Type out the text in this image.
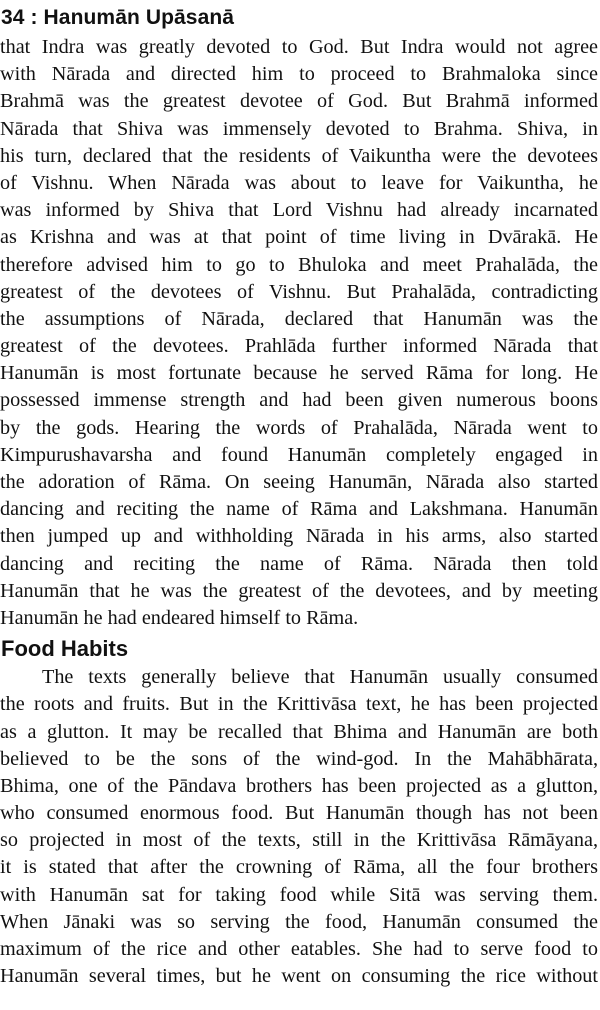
34 : Hanumān Upāsanā
that Indra was greatly devoted to God. But Indra would not agree
with Nārada and directed him to proceed to Brahmaloka since
Brahmā was the greatest devotee of God. But Brahmā informed
Nārada that Shiva was immensely devoted to Brahma. Shiva, in
his turn, declared that the residents of Vaikuntha were the devotees
of Vishnu. When Nārada was about to leave for Vaikuntha, he
was informed by Shiva that Lord Vishnu had already incarnated
as Krishna and was at that point of time living in Dvārakā. He
therefore advised him to go to Bhuloka and meet Prahalāda, the
greatest of the devotees of Vishnu. But Prahalāda, contradicting
the assumptions of Nārada, declared that Hanumān was the
greatest of the devotees. Prahlāda further informed Nārada that
Hanumān is most fortunate because he served Rāma for long. He
possessed immense strength and had been given numerous boons
by the gods. Hearing the words of Prahalāda, Nārada went to
Kimpurushavarsha and found Hanumān completely engaged in
the adoration of Rāma. On seeing Hanumān, Nārada also started
dancing and reciting the name of Rāma and Lakshmana. Hanumān
then jumped up and withholding Nārada in his arms, also started
dancing and reciting the name of Rāma. Nārada then told
Hanumān that he was the greatest of the devotees, and by meeting
Hanumān he had endeared himself to Rāma.
Food Habits
The texts generally believe that Hanumān usually consumed
the roots and fruits. But in the Krittivāsa text, he has been projected
as a glutton. It may be recalled that Bhima and Hanumān are both
believed to be the sons of the wind-god. In the Mahābhārata,
Bhima, one of the Pāndava brothers has been projected as a glutton,
who consumed enormous food. But Hanumān though has not been
so projected in most of the texts, still in the Krittivāsa Rāmāyana,
it is stated that after the crowning of Rāma, all the four brothers
with Hanumān sat for taking food while Sitā was serving them.
When Jānaki was so serving the food, Hanumān consumed the
maximum of the rice and other eatables. She had to serve food to
Hanumān several times, but he went on consuming the rice without
